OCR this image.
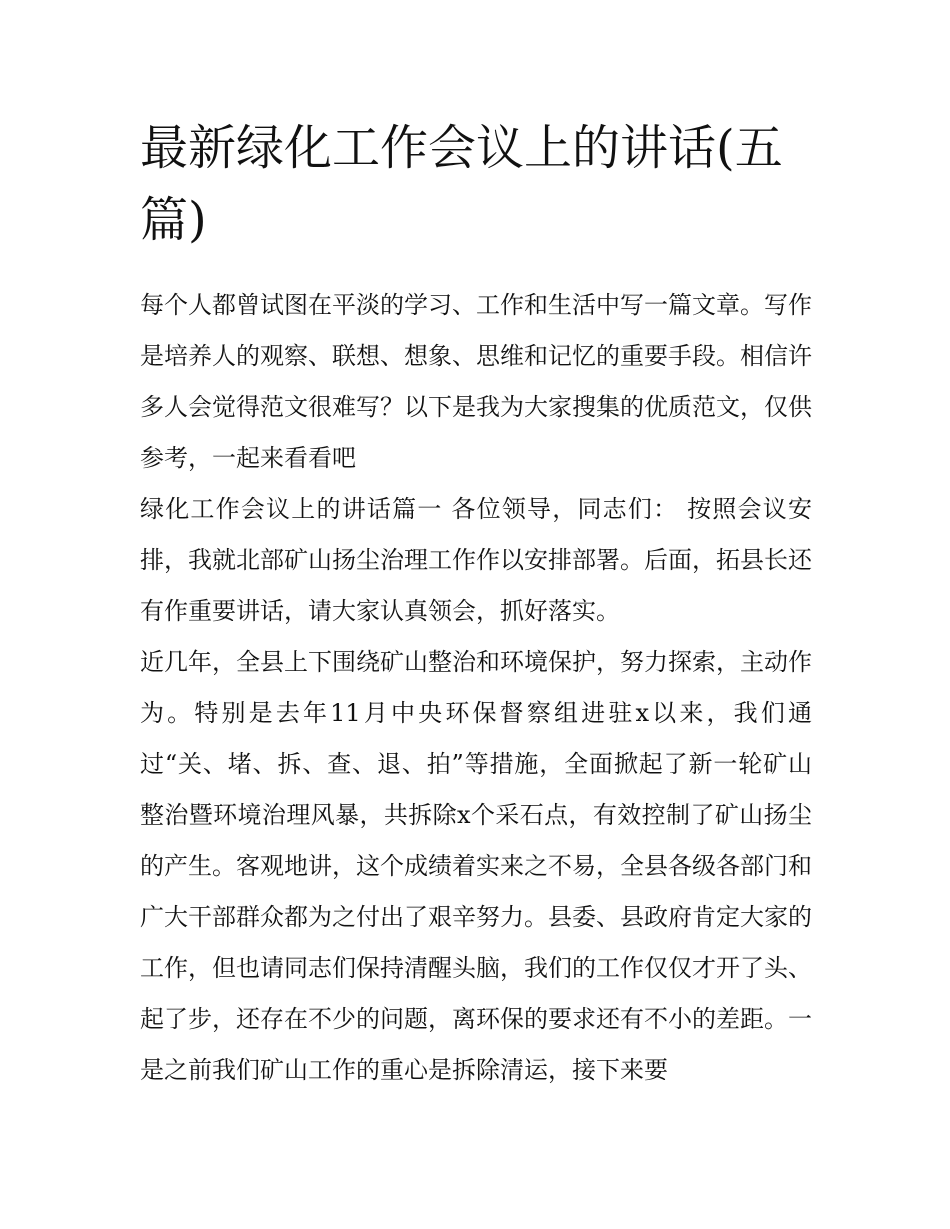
最新绿化工作会议上的讲话(五篇)

每个人都曾试图在平淡的学习、工作和生活中写一篇文章。写作是培养人的观察、联想、想象、思维和记忆的重要手段。相信许多人会觉得范文很难写？以下是我为大家搜集的优质范文，仅供参考，一起来看看吧

绿化工作会议上的讲话篇一 各位领导，同志们： 按照会议安排，我就北部矿山扬尘治理工作作以安排部署。后面，拓县长还有作重要讲话，请大家认真领会，抓好落实。

近几年，全县上下围绕矿山整治和环境保护，努力探索，主动作为。特别是去年11月中央环保督察组进驻x以来，我们通过“关、堵、拆、查、退、拍”等措施，全面掀起了新一轮矿山整治暨环境治理风暴，共拆除x个采石点，有效控制了矿山扬尘的产生。客观地讲，这个成绩着实来之不易，全县各级各部门和广大干部群众都为之付出了艰辛努力。县委、县政府肯定大家的工作，但也请同志们保持清醒头脑，我们的工作仅仅才开了头、起了步，还存在不少的问题，离环保的要求还有不小的差距。一是之前我们矿山工作的重心是拆除清运，接下来要
